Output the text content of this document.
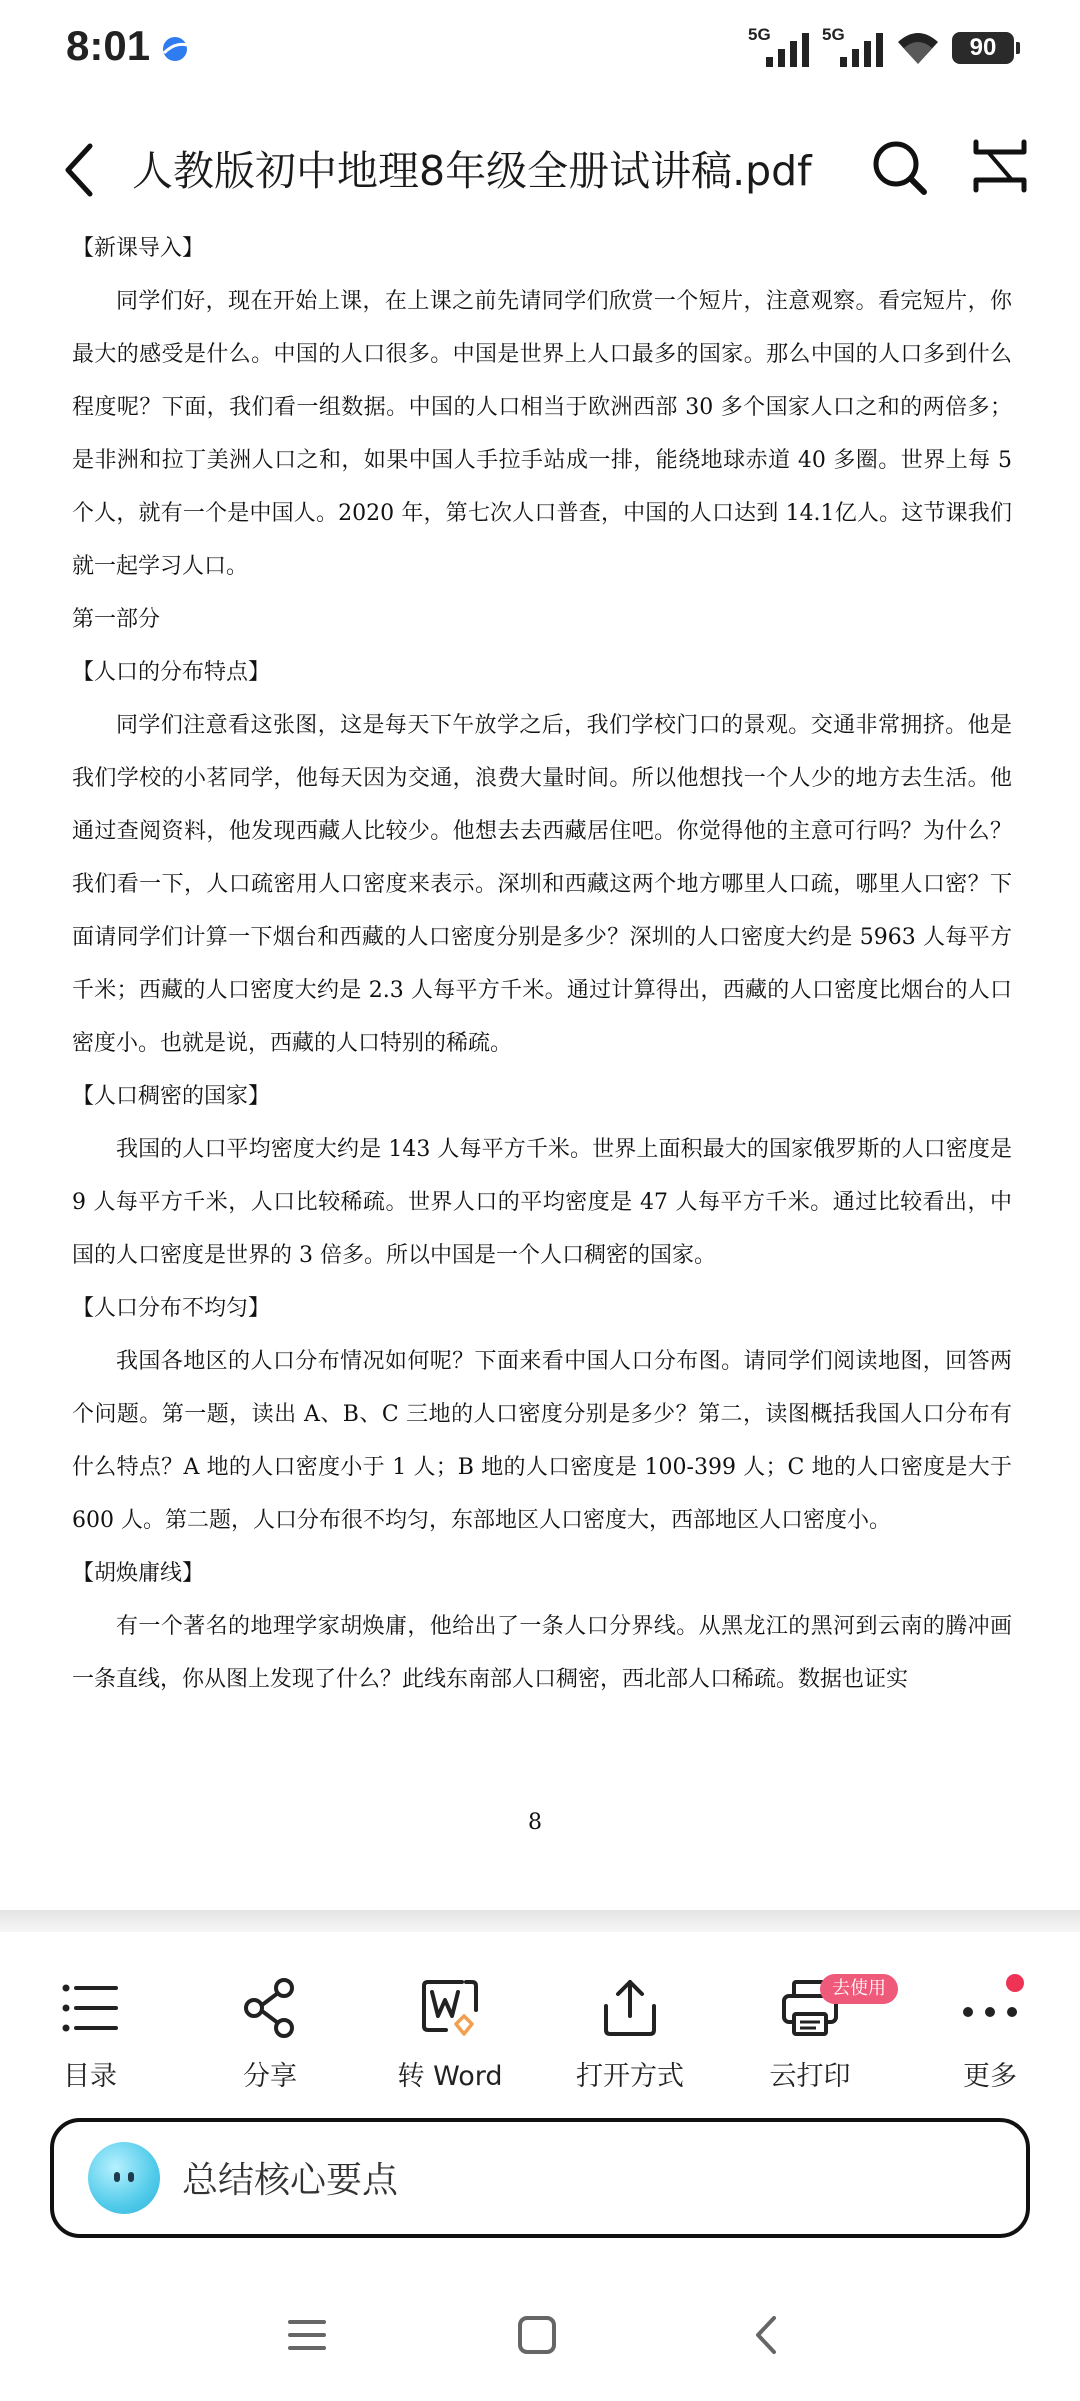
8:01	5G	5G	90
人教版初中地理8年级全册试讲稿.pdf
【新课导入】
同学们好，现在开始上课，在上课之前先请同学们欣赏一个短片，注意观察。看完短片，你最大的感受是什么。中国的人口很多。中国是世界上人口最多的国家。那么中国的人口多到什么程度呢？下面，我们看一组数据。中国的人口相当于欧洲西部 30 多个国家人口之和的两倍多；是非洲和拉丁美洲人口之和，如果中国人手拉手站成一排，能绕地球赤道 40 多圈。世界上每 5 个人，就有一个是中国人。2020 年，第七次人口普查，中国的人口达到 14.1亿人。这节课我们就一起学习人口。
第一部分
【人口的分布特点】
同学们注意看这张图，这是每天下午放学之后，我们学校门口的景观。交通非常拥挤。他是我们学校的小茗同学，他每天因为交通，浪费大量时间。所以他想找一个人少的地方去生活。他通过查阅资料，他发现西藏人比较少。他想去去西藏居住吧。你觉得他的主意可行吗？为什么？我们看一下，人口疏密用人口密度来表示。深圳和西藏这两个地方哪里人口疏，哪里人口密？下面请同学们计算一下烟台和西藏的人口密度分别是多少？深圳的人口密度大约是 5963 人每平方千米；西藏的人口密度大约是 2.3 人每平方千米。通过计算得出，西藏的人口密度比烟台的人口密度小。也就是说，西藏的人口特别的稀疏。
【人口稠密的国家】
我国的人口平均密度大约是 143 人每平方千米。世界上面积最大的国家俄罗斯的人口密度是 9 人每平方千米，人口比较稀疏。世界人口的平均密度是 47 人每平方千米。通过比较看出，中国的人口密度是世界的 3 倍多。所以中国是一个人口稠密的国家。
【人口分布不均匀】
我国各地区的人口分布情况如何呢？下面来看中国人口分布图。请同学们阅读地图，回答两个问题。第一题，读出 A、B、C 三地的人口密度分别是多少？第二，读图概括我国人口分布有什么特点？A 地的人口密度小于 1 人；B 地的人口密度是 100-399 人；C 地的人口密度是大于 600 人。第二题，人口分布很不均匀，东部地区人口密度大，西部地区人口密度小。
【胡焕庸线】
有一个著名的地理学家胡焕庸，他给出了一条人口分界线。从黑龙江的黑河到云南的腾冲画一条直线，你从图上发现了什么？此线东南部人口稠密，西北部人口稀疏。数据也证实
8
目录	分享	转 Word	打开方式	云打印	更多
去使用
总结核心要点
